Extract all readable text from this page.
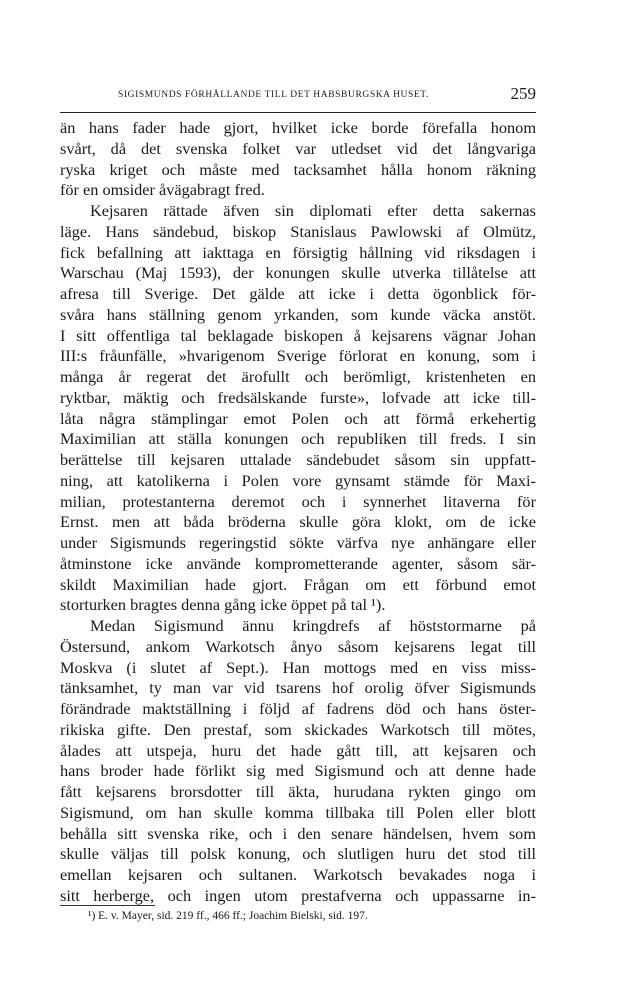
SIGISMUNDS FÖRHÅLLANDE TILL DET HABSBURGSKA HUSET.	259
än hans fader hade gjort, hvilket icke borde förefalla honom
svårt, då det svenska folket var utledset vid det långvariga
ryska kriget och måste med tacksamhet hålla honom räkning
för en omsider åvägabragt fred.
Kejsaren rättade äfven sin diplomati efter detta sakernas
läge. Hans sändebud, biskop Stanislaus Pawlowski af Olmütz,
fick befallning att iakttaga en försigtig hållning vid riksdagen i
Warschau (Maj 1593), der konungen skulle utverka tillåtelse att
afresa till Sverige. Det gälde att icke i detta ögonblick för-
svåra hans ställning genom yrkanden, som kunde väcka anstöt.
I sitt offentliga tal beklagade biskopen å kejsarens vägnar Johan
III:s fråunfälle, »hvarigenom Sverige förlorat en konung, som i
många år regerat det ärofullt och berömligt, kristenheten en
ryktbar, mäktig och fredsälskande furste», lofvade att icke till-
låta några stämplingar emot Polen och att förmå erkehertig
Maximilian att ställa konungen och republiken till freds. I sin
berättelse till kejsaren uttalade sändebudet såsom sin uppfatt-
ning, att katolikerna i Polen vore gynsamt stämde för Maxi-
milian, protestanterna deremot och i synnerhet litaverna för
Ernst. men att båda bröderna skulle göra klokt, om de icke
under Sigismunds regeringstid sökte värfva nye anhängare eller
åtminstone icke använde komprometterande agenter, såsom sär-
skildt Maximilian hade gjort. Frågan om ett förbund emot
storturken bragtes denna gång icke öppet på tal ¹).
Medan Sigismund ännu kringdrefs af höststormarne på
Östersund, ankom Warkotsch ånyo såsom kejsarens legat till
Moskva (i slutet af Sept.). Han mottogs med en viss miss-
tänksamhet, ty man var vid tsarens hof orolig öfver Sigismunds
förändrade maktställning i följd af fadrens död och hans öster-
rikiska gifte. Den prestaf, som skickades Warkotsch till mötes,
ålades att utspeja, huru det hade gått till, att kejsaren och
hans broder hade förlikt sig med Sigismund och att denne hade
fått kejsarens brorsdotter till äkta, hurudana rykten gingo om
Sigismund, om han skulle komma tillbaka till Polen eller blott
behålla sitt svenska rike, och i den senare händelsen, hvem som
skulle väljas till polsk konung, och slutligen huru det stod till
emellan kejsaren och sultanen. Warkotsch bevakades noga i
sitt herberge, och ingen utom prestafverna och uppassarne in-
¹) E. v. Mayer, sid. 219 ff., 466 ff.; Joachim Bielski, sid. 197.
